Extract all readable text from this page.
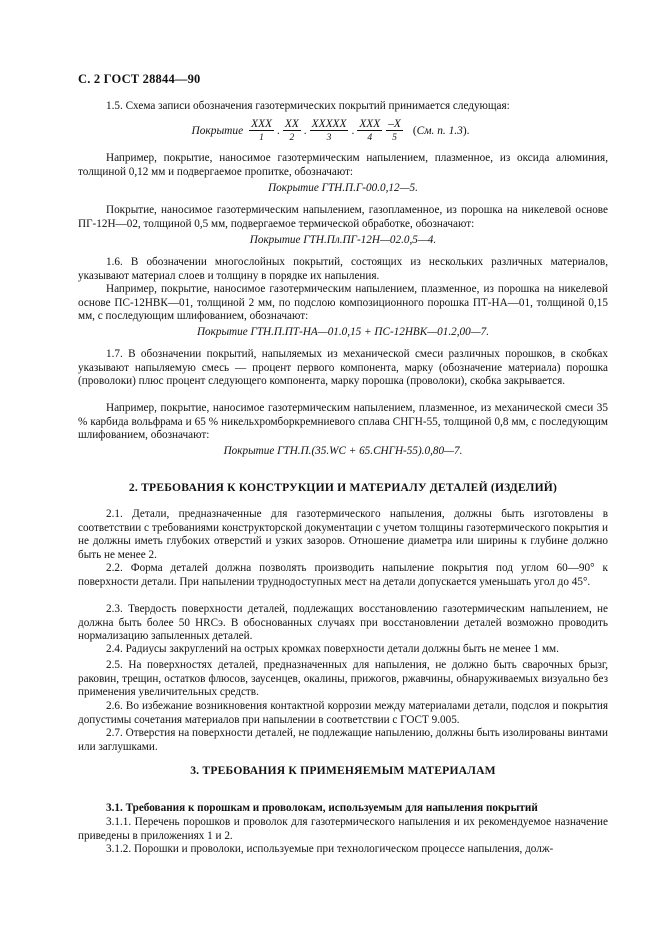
С. 2 ГОСТ 28844—90
1.5. Схема записи обозначения газотермических покрытий принимается следующая:
Покрытие $\frac{\text{XXX}}{1}$ . $\frac{XX}{2}$ . $\frac{\text{XXXXX}}{3}$ . $\frac{\text{XXX}}{4} \frac{-X}{5} (См$. п. 1.3).
Например, покрытие, наносимое газотермическим напылением, плазменное, из оксида алюминия, толщиной 0,12 мм и подвергаемое пропитке, обозначают:
Покрытие ГТН.П.Г-00.0,12—5.
Покрытие, наносимое газотермическим напылением, газопламенное, из порошка на никелевой основе ПГ-12Н—02, толщиной 0,5 мм, подвергаемое термической обработке, обозначают:
Покрытие ГТН.Пл.ПГ-12Н—02.0,5—4.
1.6. В обозначении многослойных покрытий, состоящих из нескольких различных материалов, указывают материал слоев и толщину в порядке их напыления.
Например, покрытие, наносимое газотермическим напылением, плазменное, из порошка на никелевой основе ПС-12НВК—01, толщиной 2 мм, по подслою композиционного порошка ПТ-НА—01, толщиной 0,15 мм, с последующим шлифованием, обозначают:
Покрытие ГТН.П.ПТ-НА—01.0,15 + ПС-12НВК—01.2,00—7.
1.7. В обозначении покрытий, напыляемых из механической смеси различных порошков, в скобках указывают напыляемую смесь — процент первого компонента, марку (обозначение материала) порошка (проволоки) плюс процент следующего компонента, марку порошка (проволоки), скобка закрывается.
Например, покрытие, наносимое газотермическим напылением, плазменное, из механической смеси 35 % карбида вольфрама и 65 % никельхромборкремниевого сплава СНГН-55, толщиной 0,8 мм, с последующим шлифованием, обозначают:
Покрытие ГТН.П.(35.WC + 65.СНГН-55).0,80—7.
2. ТРЕБОВАНИЯ К КОНСТРУКЦИИ И МАТЕРИАЛУ ДЕТАЛЕЙ (ИЗДЕЛИЙ)
2.1. Детали, предназначенные для газотермического напыления, должны быть изготовлены в соответствии с требованиями конструкторской документации с учетом толщины газотермического покрытия и не должны иметь глубоких отверстий и узких зазоров. Отношение диаметра или ширины к глубине должно быть не менее 2.
2.2. Форма деталей должна позволять производить напыление покрытия под углом 60—90° к поверхности детали. При напылении труднодоступных мест на детали допускается уменьшать угол до 45°.
2.3. Твердость поверхности деталей, подлежащих восстановлению газотермическим напылением, не должна быть более 50 HRCэ. В обоснованных случаях при восстановлении деталей возможно проводить нормализацию запыленных деталей.
2.4. Радиусы закруглений на острых кромках поверхности детали должны быть не менее 1 мм.
2.5. На поверхностях деталей, предназначенных для напыления, не должно быть сварочных брызг, раковин, трещин, остатков флюсов, заусенцев, окалины, прижогов, ржавчины, обнаруживаемых визуально без применения увеличительных средств.
2.6. Во избежание возникновения контактной коррозии между материалами детали, подслоя и покрытия допустимы сочетания материалов при напылении в соответствии с ГОСТ 9.005.
2.7. Отверстия на поверхности деталей, не подлежащие напылению, должны быть изолированы винтами или заглушками.
3. ТРЕБОВАНИЯ К ПРИМЕНЯЕМЫМ МАТЕРИАЛАМ
3.1. Требования к порошкам и проволокам, используемым для напыления покрытий
3.1.1. Перечень порошков и проволок для газотермического напыления и их рекомендуемое назначение приведены в приложениях 1 и 2.
3.1.2. Порошки и проволоки, используемые при технологическом процессе напыления, долж-
